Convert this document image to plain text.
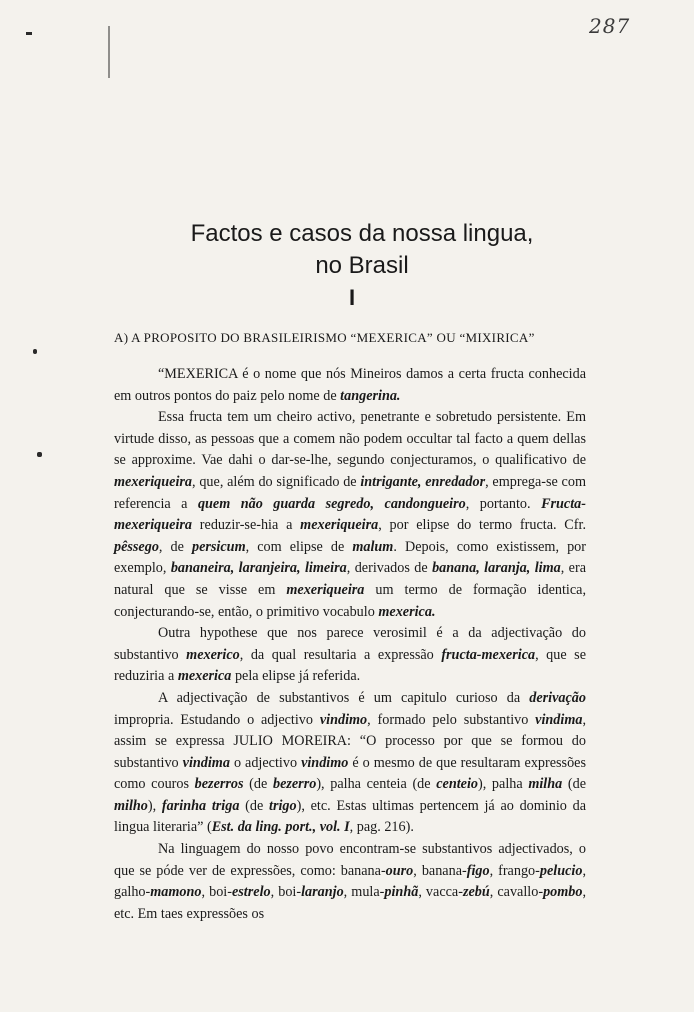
287

Factos e casos da nossa lingua,

no Brasil

I
A) A PROPOSITO DO BRASILEIRISMO “MEXERICA” OU “MIXIRICA”

“MEXERICA é o nome que nós Mineiros damos a certa fructa conhecida em outros pontos do paiz pelo nome de tangerina.

Essa fructa tem um cheiro activo, penetrante e sobretudo persistente. Em virtude disso, as pessoas que a comem não podem occultar tal facto a quem dellas se approxime. Vae dahi o dar-se-lhe, segundo conjecturamos, o qualificativo de mexeriqueira, que, além do significado de intrigante, enredador, emprega-se com referencia a quem não guarda segredo, candongueiro, portanto. Fructa-mexeriqueira reduzir-se-hia a mexeriqueira, por elipse do termo fructa. Cfr. pêssego, de persicum, com elipse de malum. Depois, como existissem, por exemplo, bananeira, laranjeira, limeira, derivados de banana, laranja, lima, era natural que se visse em mexeriqueira um termo de formação identica, conjecturando-se, então, o primitivo vocabulo mexerica.

Outra hypothese que nos parece verosimil é a da adjectivação do substantivo mexerico, da qual resultaria a expressão fructa-mexerica, que se reduziria a mexerica pela elipse já referida.

A adjectivação de substantivos é um capitulo curioso da derivação impropria. Estudando o adjectivo vindimo, formado pelo substantivo vindima, assim se expressa JULIO MOREIRA: “O processo por que se formou do substantivo vindima o adjectivo vindimo é o mesmo de que resultaram expressões como couros bezerros (de bezerro), palha centeia (de centeio), palha milha (de milho), farinha triga (de trigo), etc. Estas ultimas pertencem já ao dominio da lingua literaria” (Est. da ling. port., vol. I, pag. 216).

Na linguagem do nosso povo encontram-se substantivos adjectivados, o que se póde ver de expressões, como: banana-ouro, banana-figo, frango-pelucio, galho-mamono, boi-estrelo, boi-laranjo, mula-pinhã, vacca-zebú, cavallo-pombo, etc. Em taes expressões os
